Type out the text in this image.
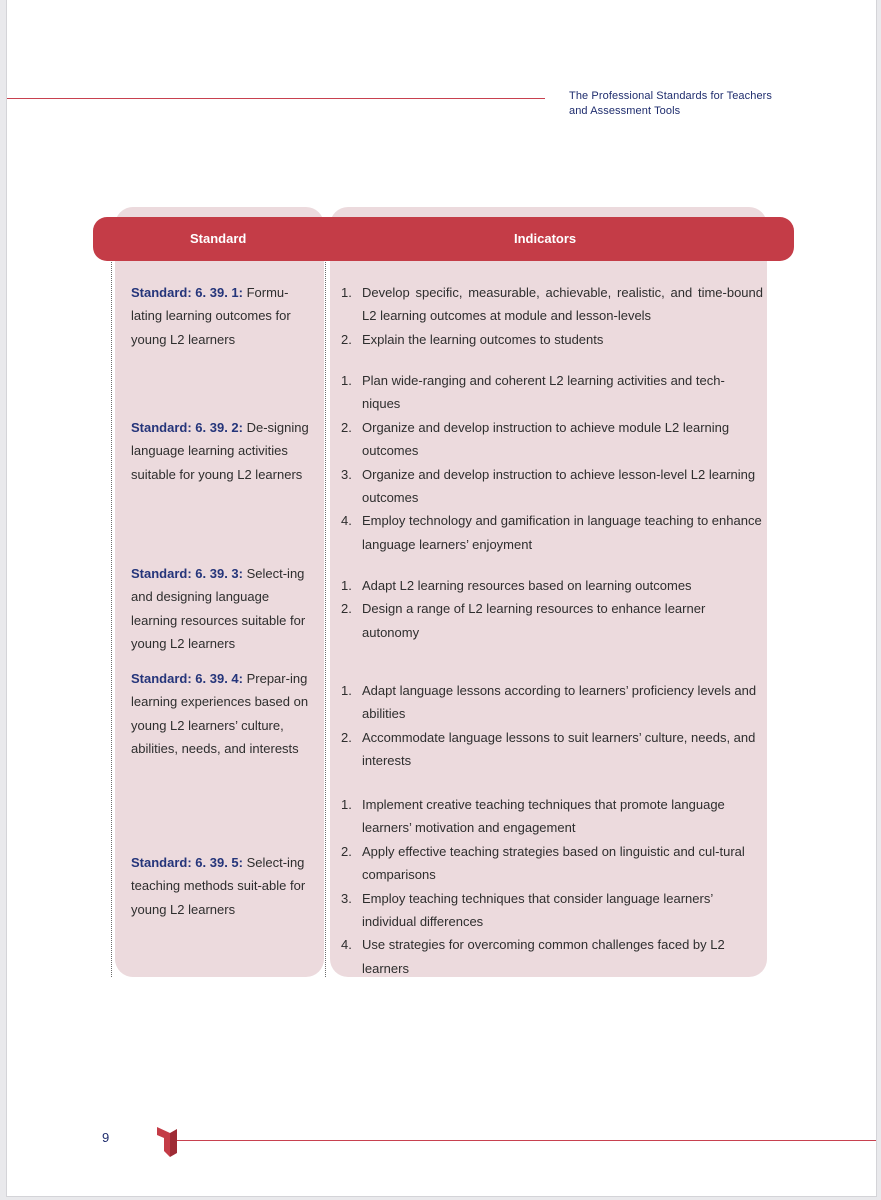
The Professional Standards for Teachers
and Assessment Tools
Standard	Indicators
Standard: 6. 39. 1: Formu-lating learning outcomes for young L2 learners
1. Develop specific, measurable, achievable, realistic, and time-bound L2 learning outcomes at module and lesson-levels
2. Explain the learning outcomes to students
Standard: 6. 39. 2: De-signing language learning activities suitable for young L2 learners
1. Plan wide-ranging and coherent L2 learning activities and tech-niques
2. Organize and develop instruction to achieve module L2 learning outcomes
3. Organize and develop instruction to achieve lesson-level L2 learning outcomes
4. Employ technology and gamification in language teaching to enhance language learners’ enjoyment
Standard: 6. 39. 3: Select-ing and designing language learning resources suitable for young L2 learners
1. Adapt L2 learning resources based on learning outcomes
2. Design a range of L2 learning resources to enhance learner autonomy
Standard: 6. 39. 4: Prepar-ing learning experiences based on young L2 learners’ culture, abilities, needs, and interests
1. Adapt language lessons according to learners’ proficiency levels and abilities
2. Accommodate language lessons to suit learners’ culture, needs, and interests
Standard: 6. 39. 5: Select-ing teaching methods suit-able for young L2 learners
1. Implement creative teaching techniques that promote language learners’ motivation and engagement
2. Apply effective teaching strategies based on linguistic and cul-tural comparisons
3. Employ teaching techniques that consider language learners’ individual differences
4. Use strategies for overcoming common challenges faced by L2 learners
9
